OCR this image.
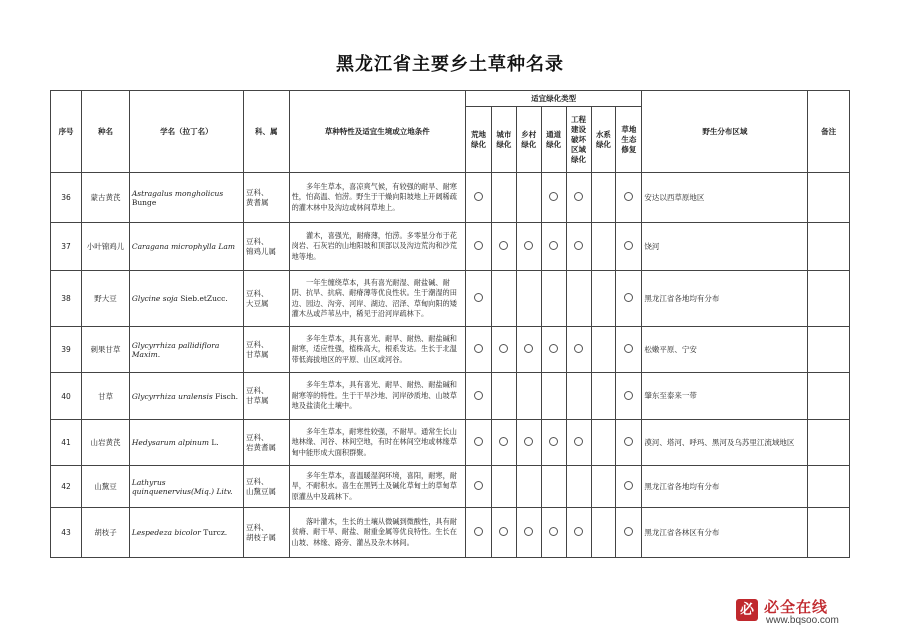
黑龙江省主要乡土草种名录
序号	种名	学名（拉丁名）	科、属	草种特性及适宜生境或立地条件	适宜绿化类型							野生分布区域	备注
					荒地绿化	城市绿化	乡村绿化	通道绿化	工程建设破坏区域绿化	水系绿化	草地生态修复		
36	蒙古黄芪	Astragalus mongholicus Bunge	豆科、
黄耆属	多年生草本，喜凉爽气候，有较强的耐旱、耐寒性，怕高温、怕涝。野生于干燥向阳坡地上开阔稀疏的灌木林中及沟边或林间草地上。								安达以西草原地区	
37	小叶锦鸡儿	Caragana microphylla Lam	豆科、
锦鸡儿属	灌木，喜强光，耐瘠薄，怕涝。多零星分布于花岗岩、石灰岩的山地阳坡和顶部以及沟边荒沟和沙荒地等地。								饶河	
38	野大豆	Glycine soja Sieb.etZucc.	豆科、
大豆属	一年生缠绕草本，具有喜光耐湿、耐盐碱、耐阴、抗旱、抗病、耐瘠薄等优良性状。生于潮湿的田边、园边、沟旁、河岸、湖边、沼泽、草甸向阳的矮灌木丛或芦苇丛中，稀见于沿河岸疏林下。								黑龙江省各地均有分布	
39	刺果甘草	Glycyrrhiza pallidiflora Maxim.	豆科、
甘草属	多年生草本，具有喜光、耐旱、耐热、耐盐碱和耐寒，适应性强，植株高大，根系发达。生长于北温带低海拔地区的平原、山区或河谷。								松嫩平原、宁安	
40	甘草	Glycyrrhiza uralensis Fisch.	豆科、
甘草属	多年生草本，具有喜光、耐旱、耐热、耐盐碱和耐寒等的特性。生于干旱沙地、河岸砂质地、山坡草地及盐渍化土壤中。								肇东至泰来一带	
41	山岩黄芪	Hedysarum alpinum L.	豆科、
岩黄耆属	多年生草本，耐寒性较强，不耐旱。通常生长山地林缘、河谷、林间空地，有时在林间空地或林缘草甸中能形成大面积群聚。								漠河、塔河、呼玛、黑河及乌苏里江流域地区	
42	山黧豆	Lathyrus quinquenervius(Miq.) Litv.	豆科、
山黧豆属	多年生草本，喜温暖湿润环境，喜阳，耐寒，耐旱，不耐积水。喜生在黑钙土及碱化草甸土的草甸草原灌丛中及疏林下。								黑龙江省各地均有分布	
43	胡枝子	Lespedeza bicolor Turcz.	豆科、
胡枝子属	落叶灌木，生长的土壤从微碱到微酸性，具有耐贫瘠、耐干旱、耐盐、耐重金属等优良特性。生长在山坡、林缘、路旁、灌丛及杂木林间。								黑龙江省各林区有分布	
必 必全在线
www.bqsoo.com
